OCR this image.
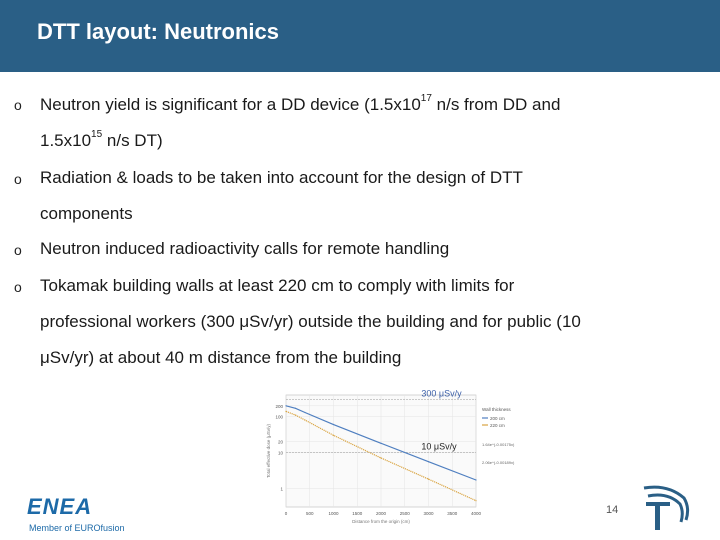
DTT layout: Neutronics
o Neutron yield is significant for a DD device ($1.5x10^{17}$ n/s from DD and
$1.5x10^{15}$ n/s DT)
o Radiation & loads to be taken into account for the design of DTT
components
o Neutron induced radioactivity calls for remote handling
o Tokamak building walls at least 220 cm to comply with limits for
professional workers (300 μSv/yr) outside the building and for public (10
μSv/yr) at about 40 m distance from the building
200
100
20
10
1
0	500	1000	1500	2000	2500	3000	3500	4000
Distance from the origin (cm)
Total effective dose (μSv/y)
300 μSv/y
10 μSv/y
Wall thickness
200 cm
220 cm
1.64e^(-0.00175x)
2.06e^(-0.00189x)
ENEA
Member of EUROfusion
14
